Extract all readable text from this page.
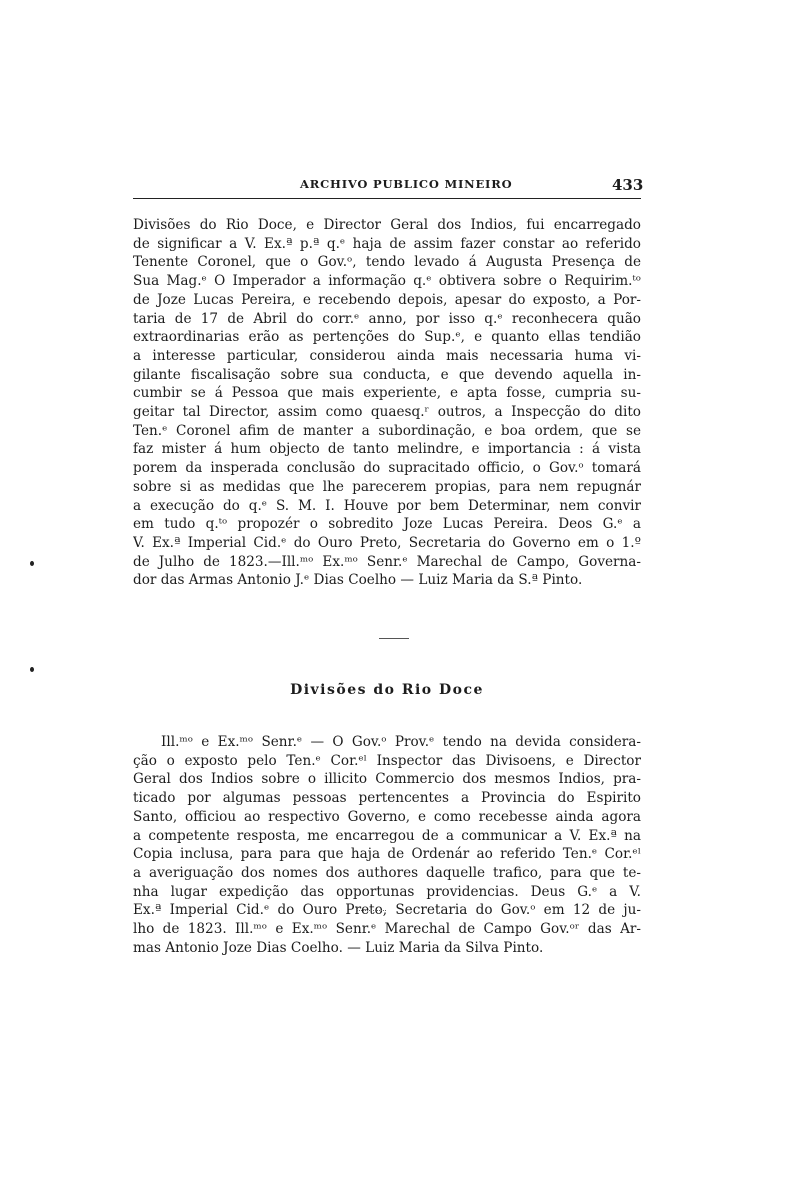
ARCHIVO PUBLICO MINEIRO	433
Divisões do Rio Doce, e Director Geral dos Indios, fui encarregado
de significar a V. Ex.ª p.ª q.ᵉ haja de assim fazer constar ao referido
Tenente Coronel, que o Gov.ᵒ, tendo levado á Augusta Presença de
Sua Mag.ᵉ O Imperador a informação q.ᵉ obtivera sobre o Requirim.ᵗᵒ
de Joze Lucas Pereira, e recebendo depois, apesar do exposto, a Por-
taria de 17 de Abril do corr.ᵉ anno, por isso q.ᵉ reconhecera quão
extraordinarias erão as pertenções do Sup.ᵉ, e quanto ellas tendião
a interesse particular, considerou ainda mais necessaria huma vi-
gilante fiscalisação sobre sua conducta, e que devendo aquella in-
cumbir se á Pessoa que mais experiente, e apta fosse, cumpria su-
geitar tal Director, assim como quaesq.ʳ outros, a Inspecção do dito
Ten.ᵉ Coronel afim de manter a subordinação, e boa ordem, que se
faz mister á hum objecto de tanto melindre, e importancia : á vista
porem da insperada conclusão do supracitado officio, o Gov.ᵒ tomará
sobre si as medidas que lhe parecerem propias, para nem repugnár
a execução do q.ᵉ S. M. I. Houve por bem Determinar, nem convir
em tudo q.ᵗᵒ propozér o sobredito Joze Lucas Pereira. Deos G.ᵉ a
V. Ex.ª Imperial Cid.ᵉ do Ouro Preto, Secretaria do Governo em o 1.º
de Julho de 1823.—Ill.ᵐᵒ Ex.ᵐᵒ Senr.ᵉ Marechal de Campo, Governa-
dor das Armas Antonio J.ᵉ Dias Coelho — Luiz Maria da S.ª Pinto.
Divisões do Rio Doce
Ill.ᵐᵒ e Ex.ᵐᵒ Senr.ᵉ — O Gov.ᵒ Prov.ᵉ tendo na devida considera-
ção o exposto pelo Ten.ᵉ Cor.ᵉˡ Inspector das Divisoens, e Director
Geral dos Indios sobre o illicito Commercio dos mesmos Indios, pra-
ticado por algumas pessoas pertencentes a Provincia do Espirito
Santo, officiou ao respectivo Governo, e como recebesse ainda agora
a competente resposta, me encarregou de a communicar a V. Ex.ª na
Copia inclusa, para para que haja de Ordenár ao referido Ten.ᵉ Cor.ᵉˡ
a averiguação dos nomes dos authores daquelle trafico, para que te-
nha lugar expedição das opportunas providencias. Deus G.ᵉ a V.
Ex.ª Imperial Cid.ᵉ do Ouro Preto, Secretaria do Gov.ᵒ em 12 de ju-
lho de 1823. Ill.ᵐᵒ e Ex.ᵐᵒ Senr.ᵉ Marechal de Campo Gov.ᵒʳ das Ar-
mas Antonio Joze Dias Coelho. — Luiz Maria da Silva Pinto.
